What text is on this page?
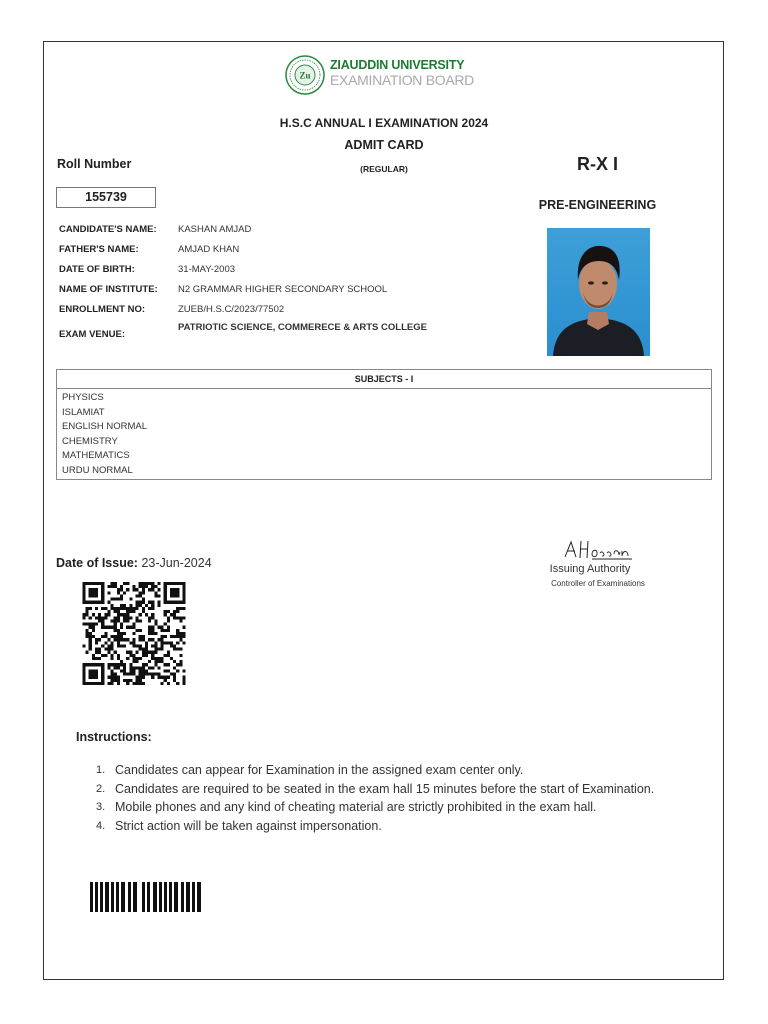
Zu
ZIAUDDIN UNIVERSITY
EXAMINATION BOARD
H.S.C ANNUAL I EXAMINATION 2024
ADMIT CARD
(REGULAR)
Roll Number
155739
R-X I
PRE-ENGINEERING
CANDIDATE'S NAME: KASHAN AMJAD
FATHER'S NAME:	AMJAD KHAN
DATE OF BIRTH:	31-MAY-2003
NAME OF INSTITUTE: N2 GRAMMAR HIGHER SECONDARY SCHOOL
ENROLLMENT NO:	ZUEB/H.S.C/2023/77502
EXAM VENUE:
PATRIOTIC SCIENCE, COMMERECE & ARTS COLLEGE
SUBJECTS - I
PHYSICS
ISLAMIAT
ENGLISH NORMAL
CHEMISTRY
MATHEMATICS
URDU NORMAL
Date of Issue: 23-Jun-2024	Issuing Authority
Controller of Examinations
Instructions:
1. Candidates can appear for Examination in the assigned exam center only.
2. Candidates are required to be seated in the exam hall 15 minutes before the start of Examination.
3. Mobile phones and any kind of cheating material are strictly prohibited in the exam hall.
4. Strict action will be taken against impersonation.
